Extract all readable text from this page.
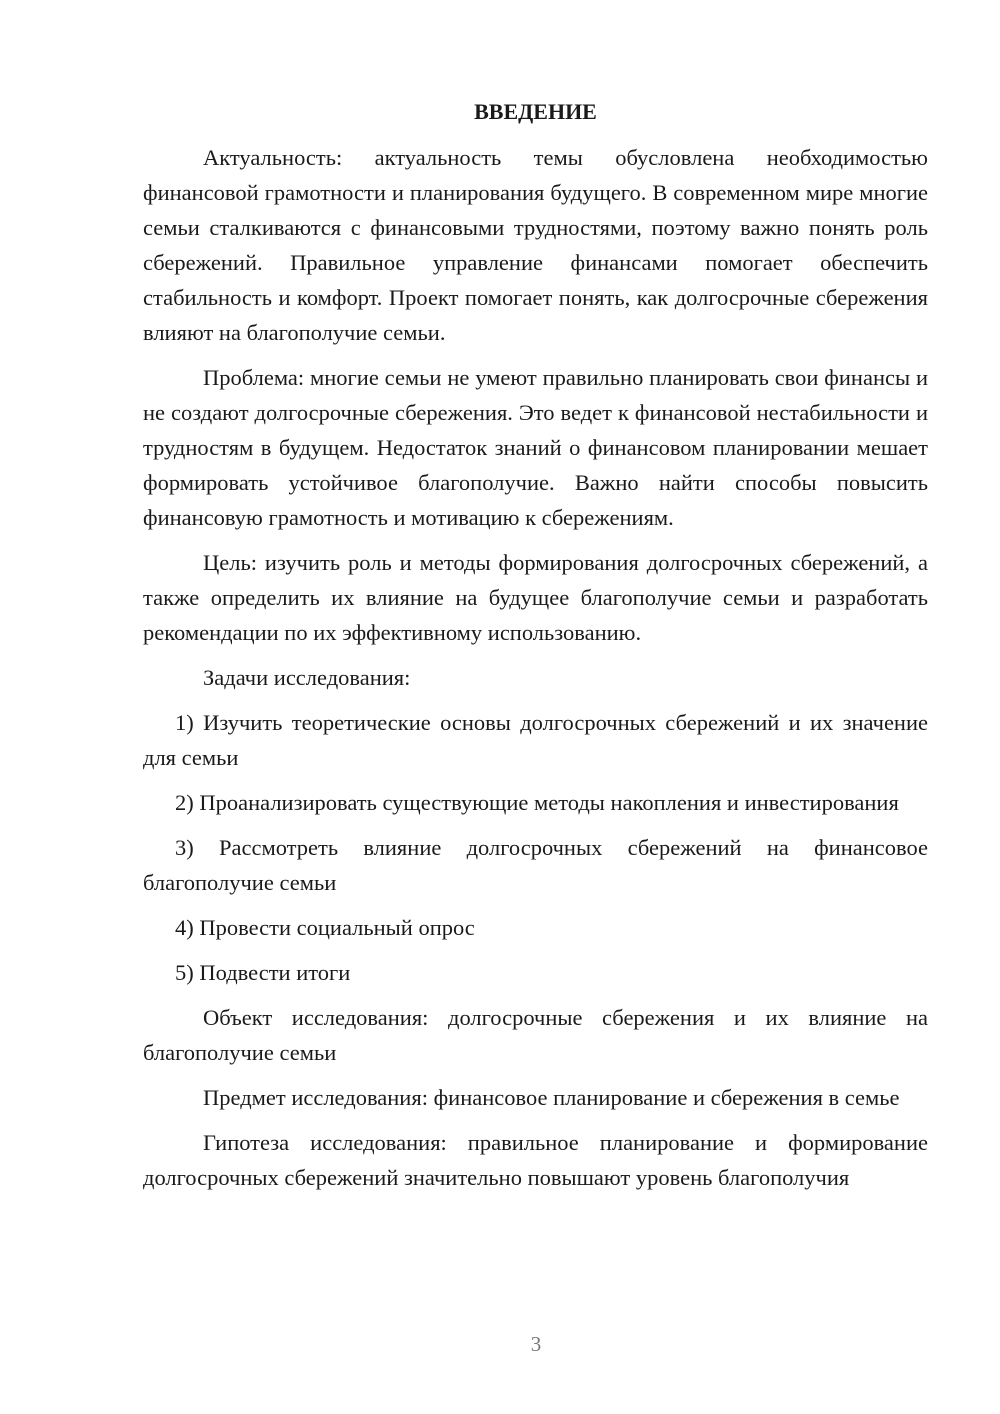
ВВЕДЕНИЕ

Актуальность: актуальность темы обусловлена необходимостью финансовой грамотности и планирования будущего. В современном мире многие семьи сталкиваются с финансовыми трудностями, поэтому важно понять роль сбережений. Правильное управление финансами помогает обеспечить стабильность и комфорт. Проект помогает понять, как долгосрочные сбережения влияют на благополучие семьи.

Проблема: многие семьи не умеют правильно планировать свои финансы и не создают долгосрочные сбережения. Это ведет к финансовой нестабильности и трудностям в будущем. Недостаток знаний о финансовом планировании мешает формировать устойчивое благополучие. Важно найти способы повысить финансовую грамотность и мотивацию к сбережениям.

Цель: изучить роль и методы формирования долгосрочных сбережений, а также определить их влияние на будущее благополучие семьи и разработать рекомендации по их эффективному использованию.

Задачи исследования:

1) Изучить теоретические основы долгосрочных сбережений и их значение для семьи

2) Проанализировать существующие методы накопления и инвестирования

3) Рассмотреть влияние долгосрочных сбережений на финансовое благополучие семьи

4) Провести социальный опрос

5) Подвести итоги

Объект исследования: долгосрочные сбережения и их влияние на благополучие семьи

Предмет исследования: финансовое планирование и сбережения в семье

Гипотеза исследования: правильное планирование и формирование долгосрочных сбережений значительно повышают уровень благополучия

3
